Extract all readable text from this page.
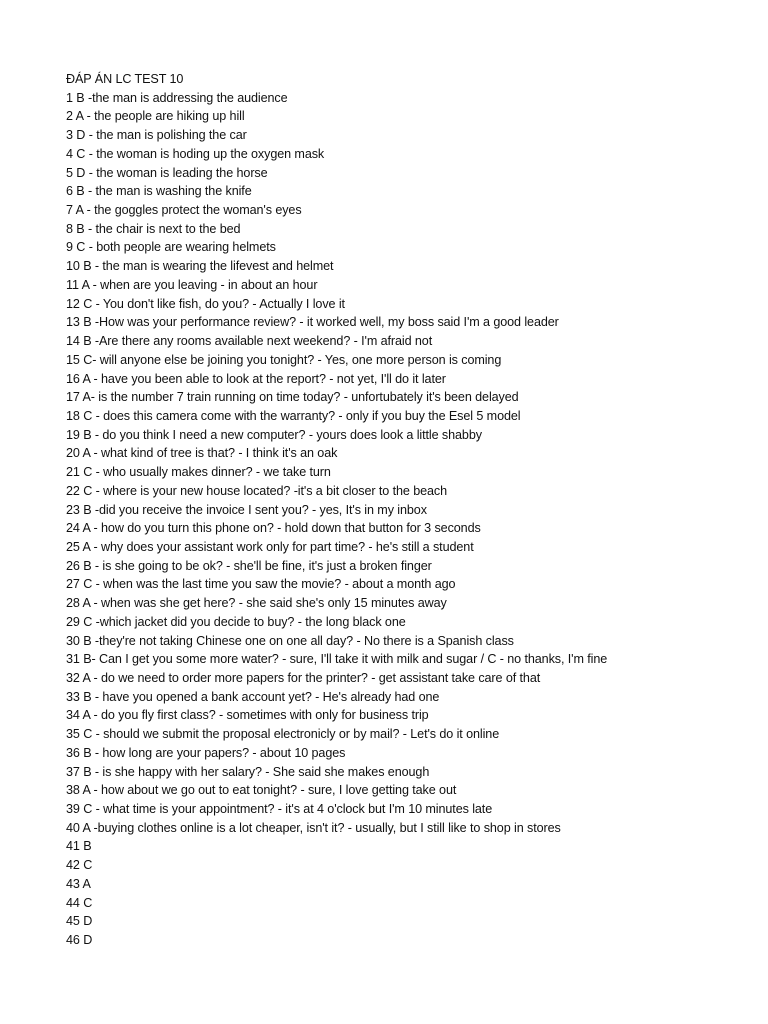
ĐÁP ÁN LC TEST 10
1 B -the man is addressing the audience
2 A - the people are hiking up hill
3 D - the man is polishing the car
4 C - the woman is hoding up the oxygen mask
5 D - the woman is leading the horse
6 B - the man is washing the knife
7 A - the goggles protect the woman's eyes
8 B - the chair is next to the bed
9 C - both people are wearing helmets
10 B - the man is wearing the lifevest and helmet
11 A - when are you leaving - in about an hour
12 C - You don't like fish, do you? - Actually I love it
13 B -How was your performance review? - it worked well, my boss said I'm a good leader
14 B -Are there any rooms available next weekend? - I'm afraid not
15 C- will anyone else be joining you tonight? - Yes, one more person is coming
16 A - have you been able to look at the report? - not yet, I'll do it later
17 A- is the number 7 train running on time today? - unfortubately it's been delayed
18 C - does this camera come with the warranty? - only if you buy the Esel 5 model
19 B - do you think I need a new computer? - yours does look a little shabby
20 A - what kind of tree is that? - I think it's an oak
21 C - who usually makes dinner? - we take turn
22 C - where is your new house located? -it's a bit closer to the beach
23 B -did you receive the invoice I sent you? - yes, It's in my inbox
24 A - how do you turn this phone on? - hold down that button for 3 seconds
25 A - why does your assistant work only for part time? - he's still a student
26 B - is she going to be ok? - she'll be fine, it's just a broken finger
27 C - when was the last time you saw the movie? - about a month ago
28 A - when was she get here? - she said she's only 15 minutes away
29 C -which jacket did you decide to buy? - the long black one
30 B -they're not taking Chinese one on one all day? - No there is a Spanish class
31 B- Can I get you some more water? - sure, I'll take it with milk and sugar / C - no thanks, I'm fine
32 A - do we need to order more papers for the printer? - get assistant take care of that
33 B - have you opened a bank account yet? - He's already had one
34 A - do you fly first class? - sometimes with only for business trip
35 C - should we submit the proposal electronicly or by mail? - Let's do it online
36 B - how long are your papers? - about 10 pages
37 B - is she happy with her salary? - She said she makes enough
38 A - how about we go out to eat tonight? - sure, I love getting take out
39 C - what time is your appointment? - it's at 4 o'clock but I'm 10 minutes late
40 A -buying clothes online is a lot cheaper, isn't it? - usually, but I still like to shop in stores
41 B
42 C
43 A
44 C
45 D
46 D
